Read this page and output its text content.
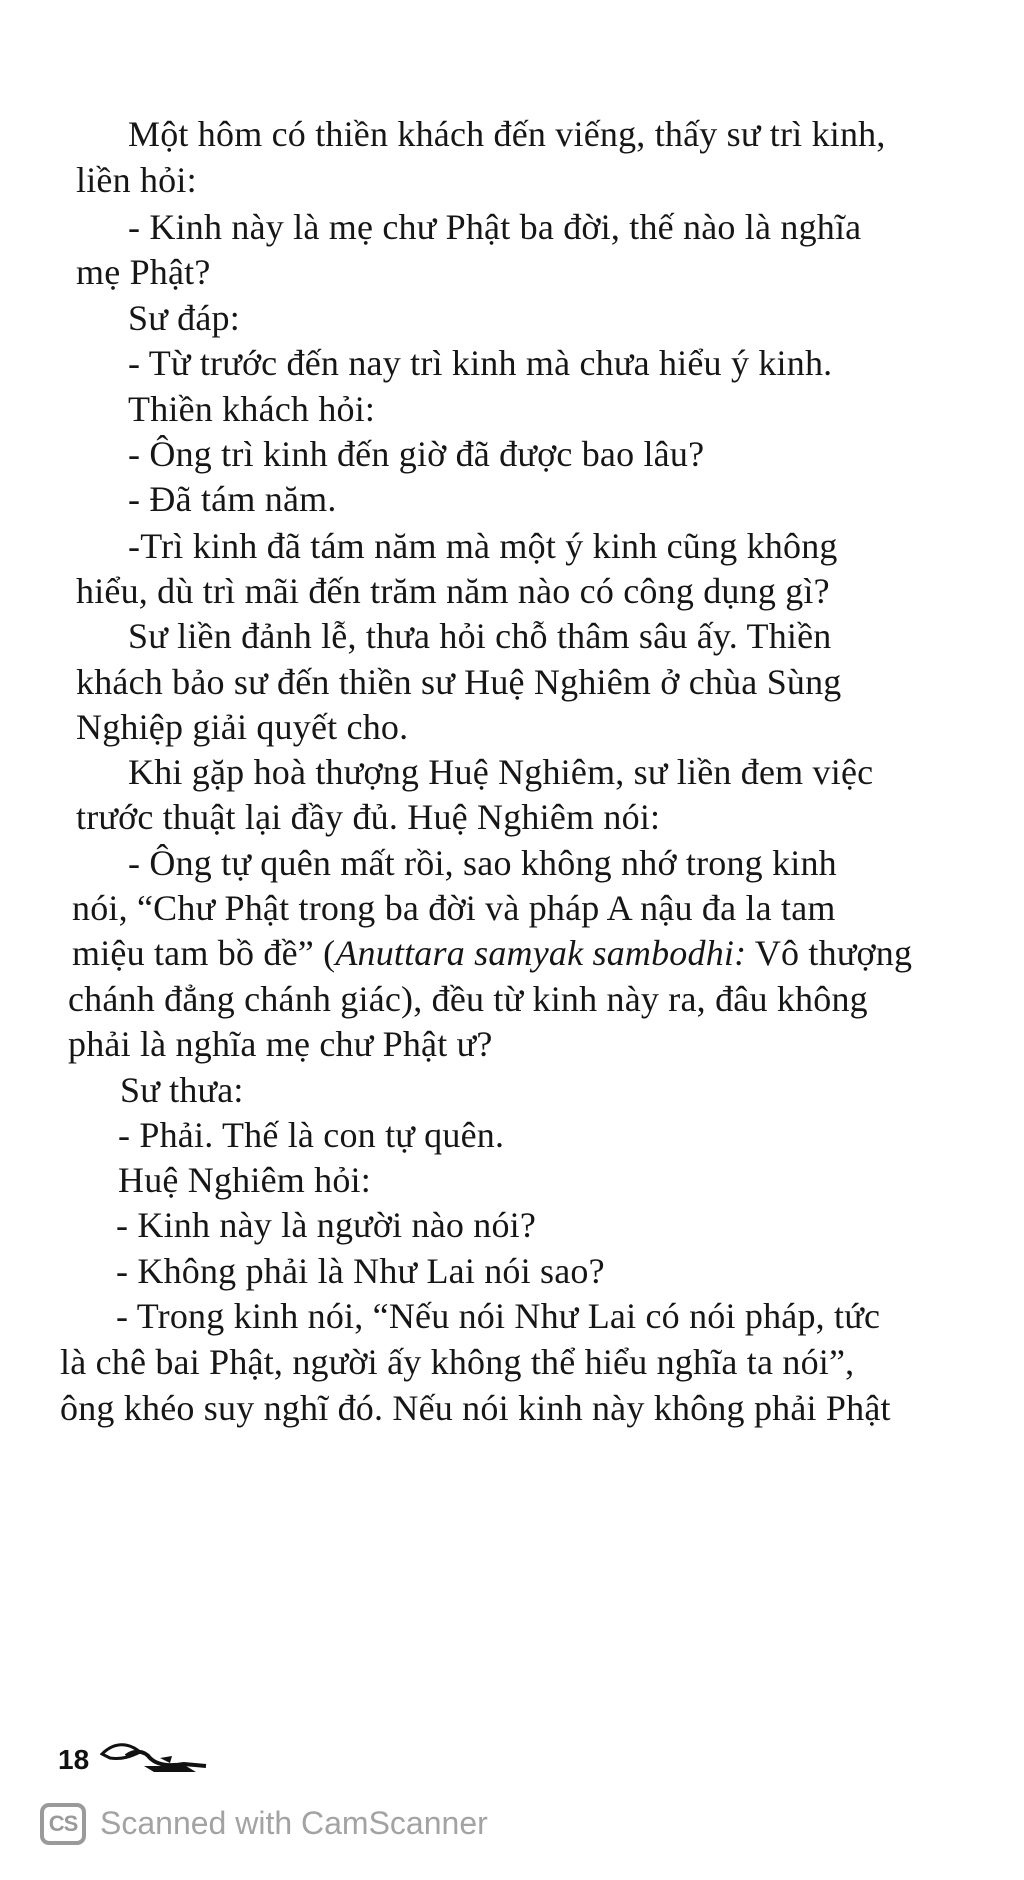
Một hôm có thiền khách đến viếng, thấy sư trì kinh,
liền hỏi:
- Kinh này là mẹ chư Phật ba đời, thế nào là nghĩa
mẹ Phật?
Sư đáp:
- Từ trước đến nay trì kinh mà chưa hiểu ý kinh.
Thiền khách hỏi:
- Ông trì kinh đến giờ đã được bao lâu?
- Đã tám năm.
-Trì kinh đã tám năm mà một ý kinh cũng không
hiểu, dù trì mãi đến trăm năm nào có công dụng gì?
Sư liền đảnh lễ, thưa hỏi chỗ thâm sâu ấy. Thiền
khách bảo sư đến thiền sư Huệ Nghiêm ở chùa Sùng
Nghiệp giải quyết cho.
Khi gặp hoà thượng Huệ Nghiêm, sư liền đem việc
trước thuật lại đầy đủ. Huệ Nghiêm nói:
- Ông tự quên mất rồi, sao không nhớ trong kinh
nói, “Chư Phật trong ba đời và pháp A nậu đa la tam
miệu tam bồ đề” (Anuttara samyak sambodhi: Vô thượng
chánh đẳng chánh giác), đều từ kinh này ra, đâu không
phải là nghĩa mẹ chư Phật ư?
Sư thưa:
- Phải. Thế là con tự quên.
Huệ Nghiêm hỏi:
- Kinh này là người nào nói?
- Không phải là Như Lai nói sao?
- Trong kinh nói, “Nếu nói Như Lai có nói pháp, tức
là chê bai Phật, người ấy không thể hiểu nghĩa ta nói”,
ông khéo suy nghĩ đó. Nếu nói kinh này không phải Phật
18
CS Scanned with CamScanner
